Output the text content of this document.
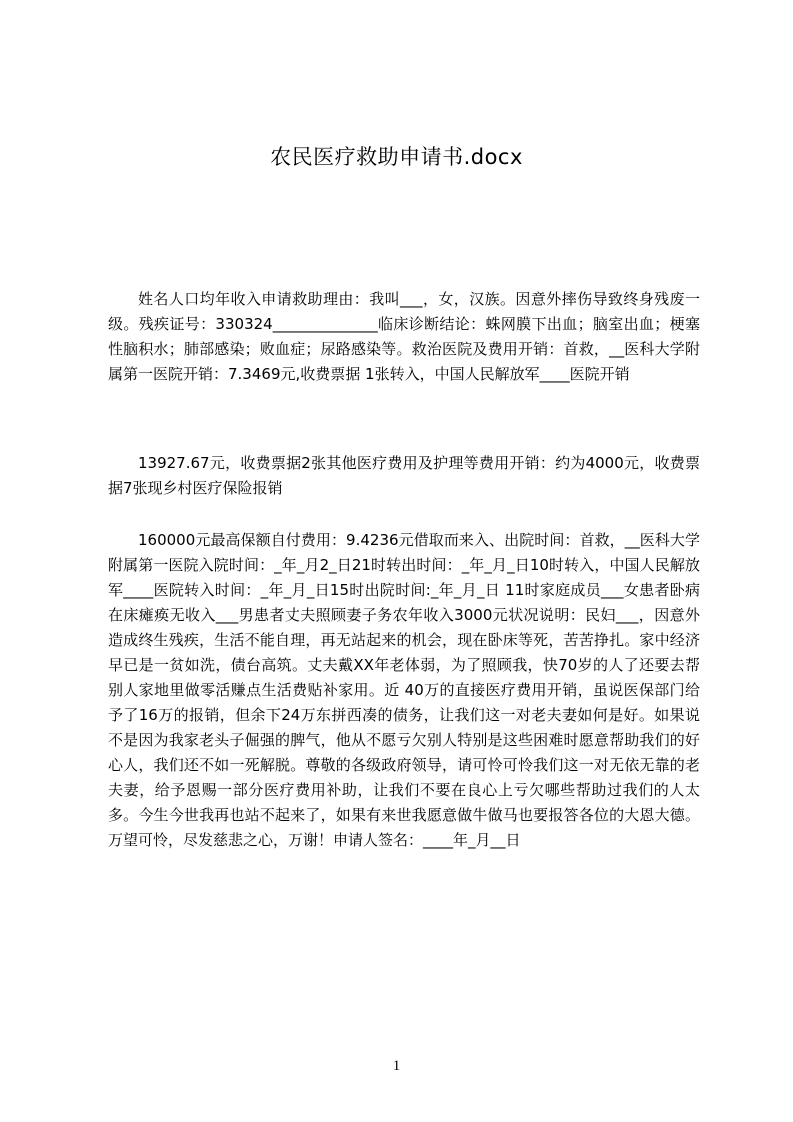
农民医疗救助申请书.docx

姓名人口均年收入申请救助理由：我叫___，女，汉族。因意外摔伤导致终身残废一级。残疾证号：330324______________临床诊断结论：蛛网膜下出血；脑室出血；梗塞性脑积水；肺部感染；败血症；尿路感染等。救治医院及费用开销：首救，__医科大学附属第一医院开销：7.3469元,收费票据 1张转入，中国人民解放军____医院开销

13927.67元，收费票据2张其他医疗费用及护理等费用开销：约为4000元，收费票据7张现乡村医疗保险报销

160000元最高保额自付费用：9.4236元借取而来入、出院时间：首救，__医科大学附属第一医院入院时间：_年_月2_日21时转出时间：_年_月_日10时转入，中国人民解放军____医院转入时间：_年_月_日15时出院时间:_年_月_日 11时家庭成员___女患者卧病在床瘫痪无收入___男患者丈夫照顾妻子务农年收入3000元状况说明：民妇___，因意外造成终生残疾，生活不能自理，再无站起来的机会，现在卧床等死，苦苦挣扎。家中经济早已是一贫如洗，债台高筑。丈夫戴XX年老体弱，为了照顾我，快70岁的人了还要去帮别人家地里做零活赚点生活费贴补家用。近 40万的直接医疗费用开销，虽说医保部门给予了16万的报销，但余下24万东拼西凑的债务，让我们这一对老夫妻如何是好。如果说不是因为我家老头子倔强的脾气，他从不愿亏欠别人特别是这些困难时愿意帮助我们的好心人，我们还不如一死解脱。尊敬的各级政府领导，请可怜可怜我们这一对无依无靠的老夫妻，给予恩赐一部分医疗费用补助，让我们不要在良心上亏欠哪些帮助过我们的人太多。今生今世我再也站不起来了，如果有来世我愿意做牛做马也要报答各位的大恩大德。万望可怜，尽发慈悲之心，万谢！申请人签名：____年_月__日

1
